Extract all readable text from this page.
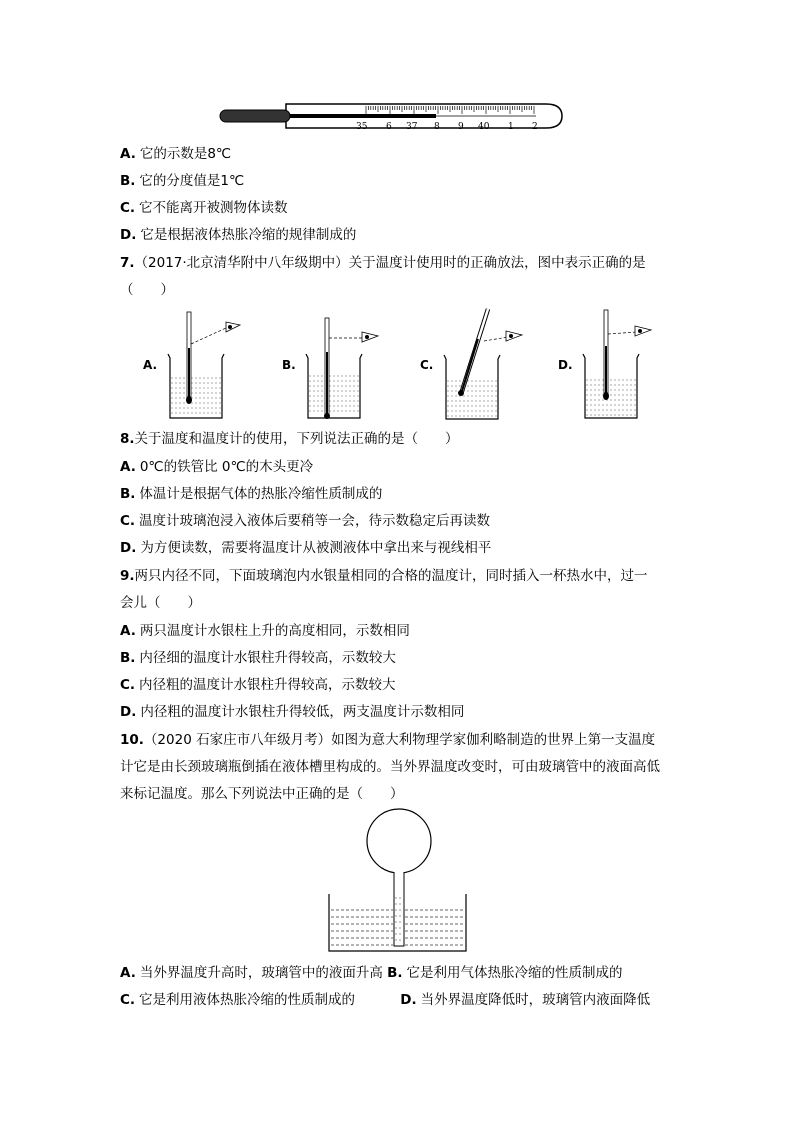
35 6 37 8 9 40 1 2
A. 它的示数是8℃
B. 它的分度值是1℃
C. 它不能离开被测物体读数
D. 它是根据液体热胀冷缩的规律制成的
7.（2017·北京清华附中八年级期中）关于温度计使用时的正确放法，图中表示正确的是
（　　）
A.	B.	C.	D.
8.关于温度和温度计的使用，下列说法正确的是（　　）
A. 0℃的铁管比 0℃的木头更冷
B. 体温计是根据气体的热胀冷缩性质制成的
C. 温度计玻璃泡浸入液体后要稍等一会，待示数稳定后再读数
D. 为方便读数，需要将温度计从被测液体中拿出来与视线相平
9.两只内径不同，下面玻璃泡内水银量相同的合格的温度计，同时插入一杯热水中，过一
会儿（　　）
A. 两只温度计水银柱上升的高度相同，示数相同
B. 内径细的温度计水银柱升得较高，示数较大
C. 内径粗的温度计水银柱升得较高，示数较大
D. 内径粗的温度计水银柱升得较低，两支温度计示数相同
10.（2020 石家庄市八年级月考）如图为意大利物理学家伽利略制造的世界上第一支温度
计它是由长颈玻璃瓶倒插在液体槽里构成的。当外界温度改变时，可由玻璃管中的液面高低
来标记温度。那么下列说法中正确的是（　　）
A. 当外界温度升高时，玻璃管中的液面升高 B. 它是利用气体热胀冷缩的性质制成的
C. 它是利用液体热胀冷缩的性质制成的	D. 当外界温度降低时，玻璃管内液面降低
